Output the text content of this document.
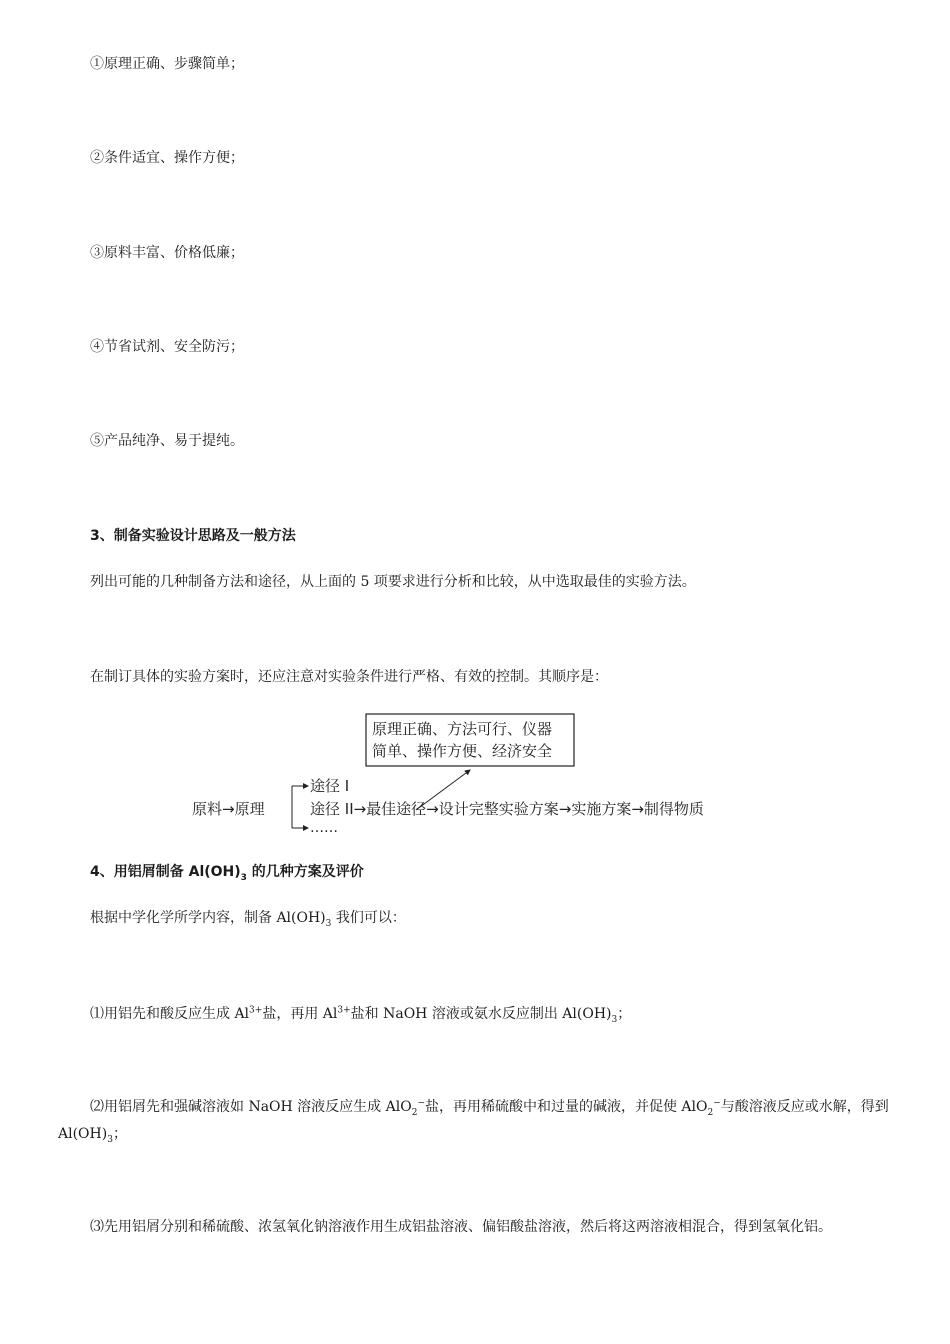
①原理正确、步骤简单；
②条件适宜、操作方便；
③原料丰富、价格低廉；
④节省试剂、安全防污；
⑤产品纯净、易于提纯。
3、制备实验设计思路及一般方法
列出可能的几种制备方法和途径，从上面的 5 项要求进行分析和比较，从中选取最佳的实验方法。
在制订具体的实验方案时，还应注意对实验条件进行严格、有效的控制。其顺序是：
原理正确、方法可行、仪器
简单、操作方便、经济安全
原料→原理
途径 I
途径 II→最佳途径→设计完整实验方案→实施方案→制得物质
……
4、用铝屑制备 $Al(OH)_3$ 的几种方案及评价
根据中学化学所学内容，制备 $Al(OH)_3$ 我们可以：
⑴用铝先和酸反应生成 $Al^{3+}$盐，再用 $Al^{3+}$盐和 NaOH 溶液或氨水反应制出 $Al(OH)_3$；
⑵用铝屑先和强碱溶液如 NaOH 溶液反应生成 AlO$_2$−盐，再用稀硫酸中和过量的碱液，并促使 AlO$_2$−与酸溶液反应或水解，得到 $Al(OH)_3$；
⑶先用铝屑分别和稀硫酸、浓氢氧化钠溶液作用生成铝盐溶液、偏铝酸盐溶液，然后将这两溶液相混合，得到氢氧化铝。
